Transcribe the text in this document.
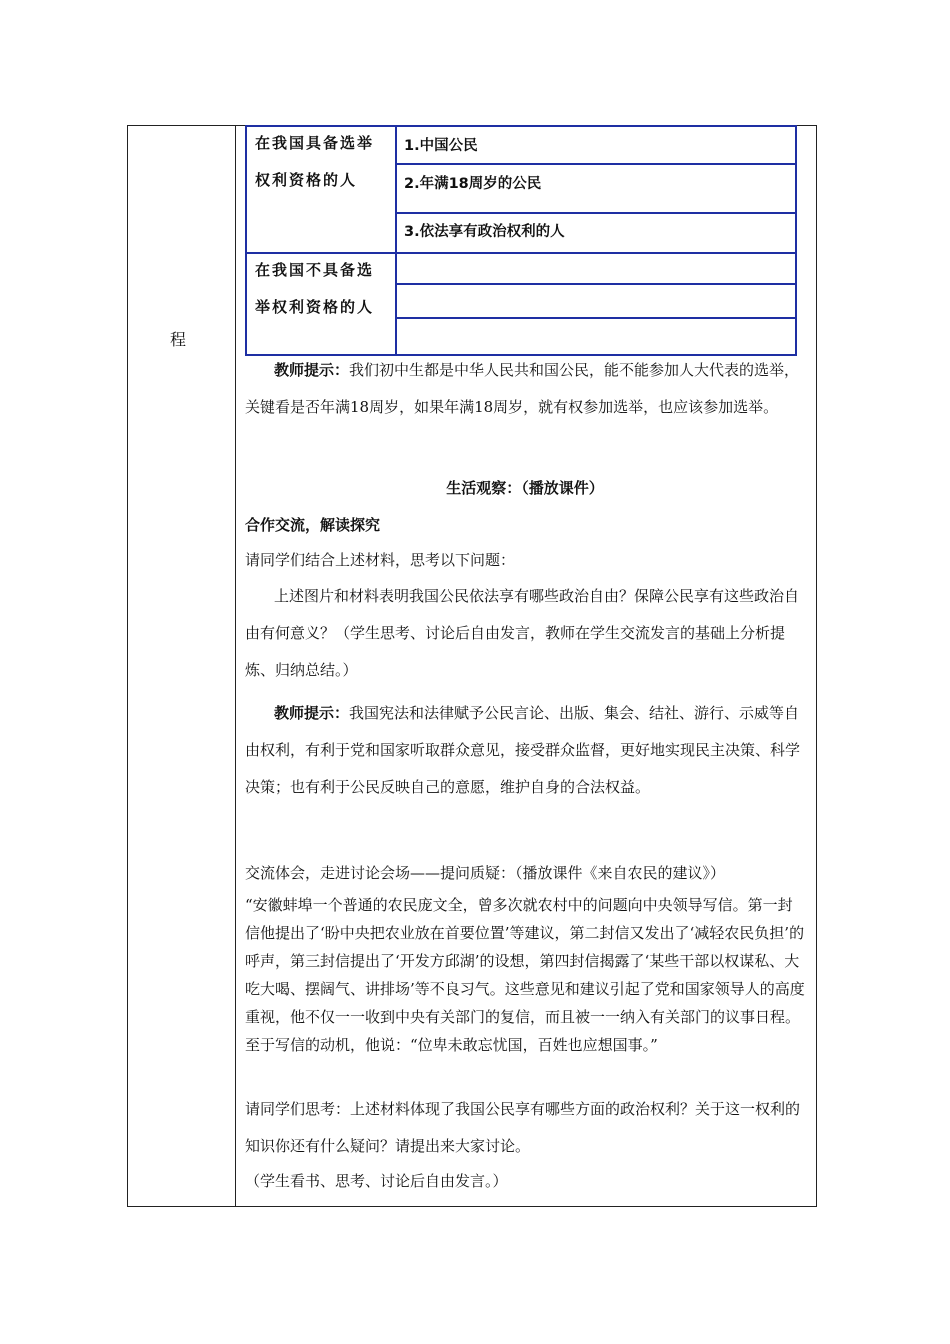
程
在我国具备选举权利资格的人
1.中国公民
2.年满18周岁的公民
3.依法享有政治权利的人
在我国不具备选举权利资格的人
教师提示：我们初中生都是中华人民共和国公民，能不能参加人大代表的选举，关键看是否年满18周岁，如果年满18周岁，就有权参加选举，也应该参加选举。
生活观察：（播放课件）
合作交流，解读探究
请同学们结合上述材料，思考以下问题：
上述图片和材料表明我国公民依法享有哪些政治自由？保障公民享有这些政治自由有何意义？（学生思考、讨论后自由发言，教师在学生交流发言的基础上分析提炼、归纳总结。）
教师提示：我国宪法和法律赋予公民言论、出版、集会、结社、游行、示威等自由权利，有利于党和国家听取群众意见，接受群众监督，更好地实现民主决策、科学决策；也有利于公民反映自己的意愿，维护自身的合法权益。
交流体会，走进讨论会场——提问质疑：（播放课件《来自农民的建议》）
“安徽蚌埠一个普通的农民庞文全，曾多次就农村中的问题向中央领导写信。第一封信他提出了‘盼中央把农业放在首要位置’等建议，第二封信又发出了‘减轻农民负担’的呼声，第三封信提出了‘开发方邱湖’的设想，第四封信揭露了‘某些干部以权谋私、大吃大喝、摆阔气、讲排场’等不良习气。这些意见和建议引起了党和国家领导人的高度重视，他不仅一一收到中央有关部门的复信，而且被一一纳入有关部门的议事日程。至于写信的动机，他说：“位卑未敢忘忧国，百姓也应想国事。”
请同学们思考：上述材料体现了我国公民享有哪些方面的政治权利？关于这一权利的知识你还有什么疑问？请提出来大家讨论。
（学生看书、思考、讨论后自由发言。）
